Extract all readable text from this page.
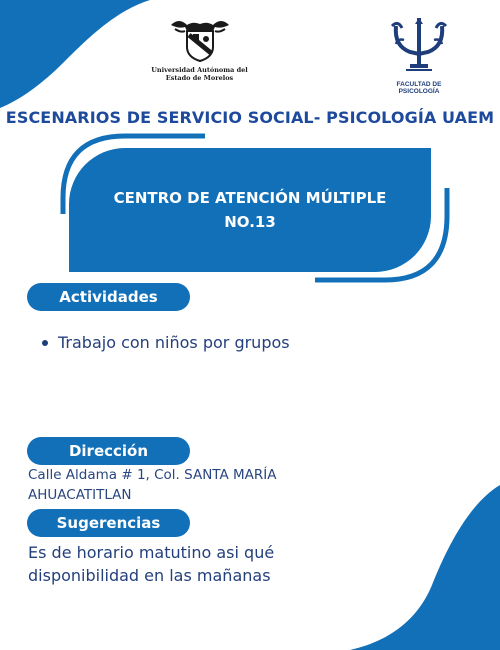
Universidad Autónoma del
Estado de Morelos
FACULTAD DE PSICOLOGÍA
ESCENARIOS DE SERVICIO SOCIAL- PSICOLOGÍA UAEM
CENTRO DE ATENCIÓN MÚLTIPLE
NO.13
Actividades
Trabajo con niños por grupos
Dirección
Calle Aldama # 1, Col. SANTA MARÍA
AHUACATITLAN
Sugerencias
Es de horario matutino asi qué
disponibilidad en las mañanas
